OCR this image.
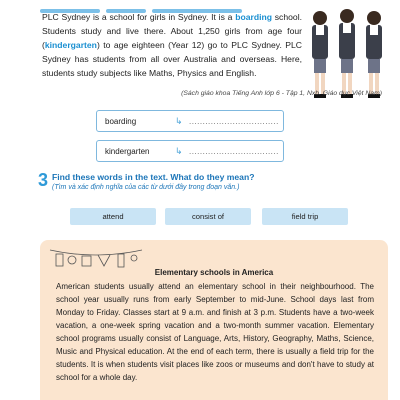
PLC Sydney is a school for girls in Sydney. It is a boarding school. Students study and live there. About 1,250 girls from age four (kindergarten) to age eighteen (Year 12) go to PLC Sydney. PLC Sydney has students from all over Australia and overseas. Here, students study subjects like Maths, Physics and English.

(Sách giáo khoa Tiếng Anh lớp 6 - Tập 1, Nxb. Giáo dục Việt Nam)

boarding	↳ .................................
kindergarten	↳ .................................
3 Find these words in the text. What do they mean?
(Tìm và xác định nghĩa của các từ dưới đây trong đoạn văn.)
attend	consist of	field trip
Elementary schools in America

American students usually attend an elementary school in their neighbourhood. The school year usually runs from early September to mid-June. School days last from Monday to Friday. Classes start at 9 a.m. and finish at 3 p.m. Students have a two-week vacation, a one-week spring vacation and a two-month summer vacation. Elementary school programs usually consist of Language, Arts, History, Geography, Maths, Science, Music and Physical education. At the end of each term, there is usually a field trip for the students. It is when students visit places like zoos or museums and don't have to study at school for a whole day.
